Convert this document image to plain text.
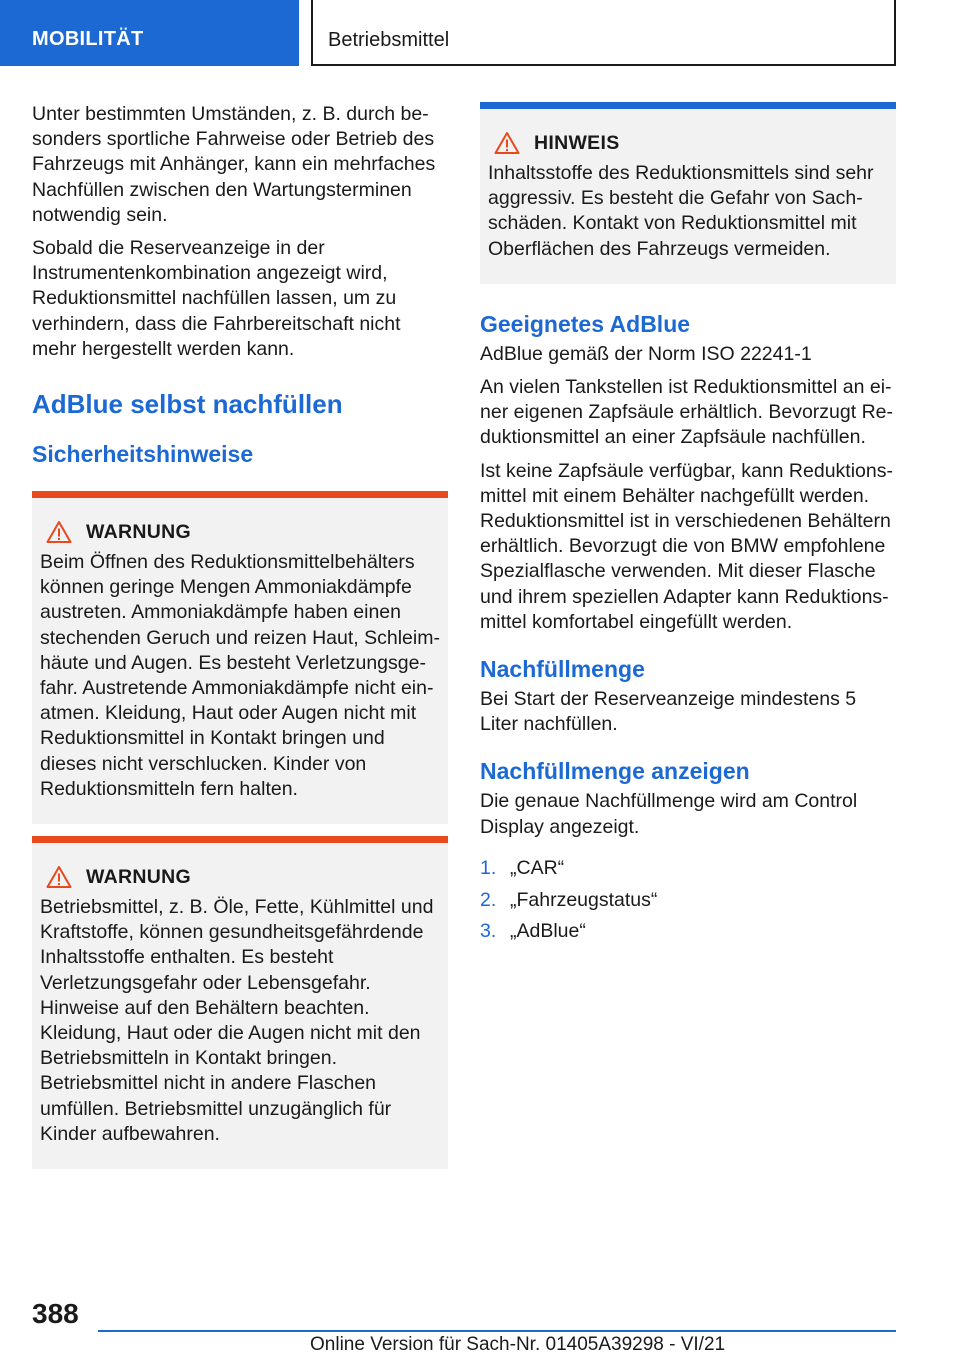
MOBILITÄT	Betriebsmittel

Unter bestimmten Umständen, z. B. durch besonders sportliche Fahrweise oder Betrieb des Fahrzeugs mit Anhänger, kann ein mehrfaches Nachfüllen zwischen den Wartungsterminen notwendig sein.

Sobald die Reserveanzeige in der Instrumentenkombination angezeigt wird, Reduktionsmittel nachfüllen lassen, um zu verhindern, dass die Fahrbereitschaft nicht mehr hergestellt werden kann.

AdBlue selbst nachfüllen
Sicherheitshinweise
WARNUNG
Beim Öffnen des Reduktionsmittelbehälters können geringe Mengen Ammoniakdämpfe austreten. Ammoniakdämpfe haben einen stechenden Geruch und reizen Haut, Schleimhäute und Augen. Es besteht Verletzungsgefahr. Austretende Ammoniakdämpfe nicht einatmen. Kleidung, Haut oder Augen nicht mit Reduktionsmittel in Kontakt bringen und dieses nicht verschlucken. Kinder von Reduktionsmitteln fern halten.
WARNUNG
Betriebsmittel, z. B. Öle, Fette, Kühlmittel und Kraftstoffe, können gesundheitsgefährdende Inhaltsstoffe enthalten. Es besteht Verletzungsgefahr oder Lebensgefahr. Hinweise auf den Behältern beachten. Kleidung, Haut oder die Augen nicht mit den Betriebsmitteln in Kontakt bringen. Betriebsmittel nicht in andere Flaschen umfüllen. Betriebsmittel unzugänglich für Kinder aufbewahren.
HINWEIS
Inhaltsstoffe des Reduktionsmittels sind sehr aggressiv. Es besteht die Gefahr von Sachschäden. Kontakt von Reduktionsmittel mit Oberflächen des Fahrzeugs vermeiden.
Geeignetes AdBlue

AdBlue gemäß der Norm ISO 22241-1

An vielen Tankstellen ist Reduktionsmittel an einer eigenen Zapfsäule erhältlich. Bevorzugt Reduktionsmittel an einer Zapfsäule nachfüllen.

Ist keine Zapfsäule verfügbar, kann Reduktionsmittel mit einem Behälter nachgefüllt werden. Reduktionsmittel ist in verschiedenen Behältern erhältlich. Bevorzugt die von BMW empfohlene Spezialflasche verwenden. Mit dieser Flasche und ihrem speziellen Adapter kann Reduktionsmittel komfortabel eingefüllt werden.

Nachfüllmenge

Bei Start der Reserveanzeige mindestens 5 Liter nachfüllen.

Nachfüllmenge anzeigen

Die genaue Nachfüllmenge wird am Control Display angezeigt.

1. „CAR“
2. „Fahrzeugstatus“
3. „AdBlue“
388
Online Version für Sach-Nr. 01405A39298 - VI/21
